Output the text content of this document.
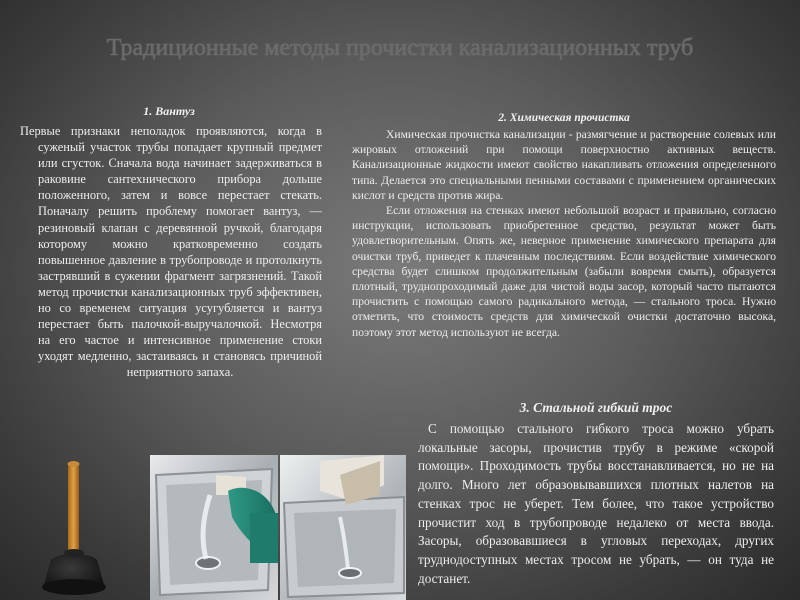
Традиционные методы прочистки канализационных труб
1. Вантуз

Первые признаки неполадок проявляются, когда в суженый участок трубы попадает крупный предмет или сгусток. Сначала вода начинает задерживаться в раковине сантехнического прибора дольше положенного, затем и вовсе перестает стекать. Поначалу решить проблему помогает вантуз, — резиновый клапан с деревянной ручкой, благодаря которому можно кратковременно создать повышенное давление в трубопроводе и протолкнуть застрявший в сужении фрагмент загрязнений. Такой метод прочистки канализационных труб эффективен, но со временем ситуация усугубляется и вантуз перестает быть палочкой-выручалочкой. Несмотря на его частое и интенсивное применение стоки уходят медленно, застаиваясь и становясь причиной неприятного запаха.

2. Химическая прочистка

Химическая прочистка канализации - размягчение и растворение солевых или жировых отложений при помощи поверхностно активных веществ. Канализационные жидкости имеют свойство накапливать отложения определенного типа. Делается это специальными пенными составами с применением органических кислот и средств против жира.

Если отложения на стенках имеют небольшой возраст и правильно, согласно инструкции, использовать приобретенное средство, результат может быть удовлетворительным. Опять же, неверное применение химического препарата для очистки труб, приведет к плачевным последствиям. Если воздействие химического средства будет слишком продолжительным (забыли вовремя смыть), образуется плотный, труднопроходимый даже для чистой воды засор, который часто пытаются прочистить с помощью самого радикального метода, — стального троса. Нужно отметить, что стоимость средств для химической очистки достаточно высока, поэтому этот метод используют не всегда.

3. Стальной гибкий трос

С помощью стального гибкого троса можно убрать локальные засоры, прочистив трубу в режиме «скорой помощи». Проходимость трубы восстанавливается, но не на долго. Много лет образовывавшихся плотных налетов на стенках трос не уберет. Тем более, что такое устройство прочистит ход в трубопроводе недалеко от места ввода. Засоры, образовавшиеся в угловых переходах, других труднодоступных местах тросом не убрать, — он туда не достанет.
